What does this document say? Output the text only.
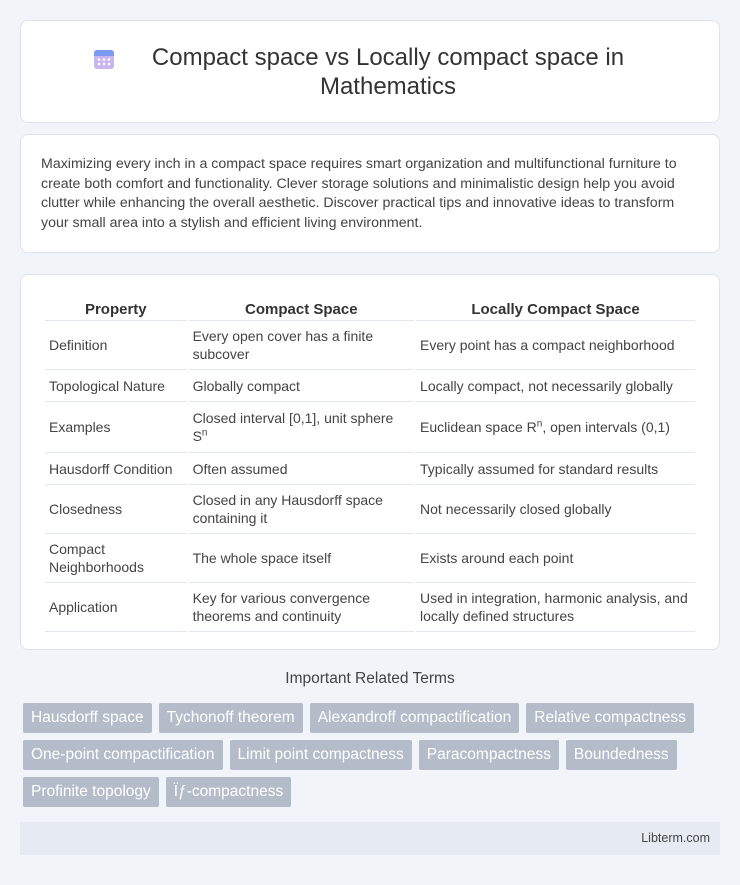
Compact space vs Locally compact space in Mathematics

Maximizing every inch in a compact space requires smart organization and multifunctional furniture to create both comfort and functionality. Clever storage solutions and minimalistic design help you avoid clutter while enhancing the overall aesthetic. Discover practical tips and innovative ideas to transform your small area into a stylish and efficient living environment.

Property	Compact Space	Locally Compact Space
Definition	Every open cover has a finite subcover	Every point has a compact neighborhood
Topological Nature	Globally compact	Locally compact, not necessarily globally
Examples	Closed interval [0,1], unit sphere $S^n$	Euclidean space $R^n$, open intervals (0,1)
Hausdorff Condition	Often assumed	Typically assumed for standard results
Closedness	Closed in any Hausdorff space containing it	Not necessarily closed globally
Compact Neighborhoods	The whole space itself	Exists around each point
Application	Key for various convergence theorems and continuity	Used in integration, harmonic analysis, and locally defined structures
Important Related Terms
Hausdorff space	Tychonoff theorem	Alexandroff compactification	Relative compactness
One-point compactification	Limit point compactness	Paracompactness	Boundedness
Profinite topology	Ïƒ-compactness
Libterm.com
